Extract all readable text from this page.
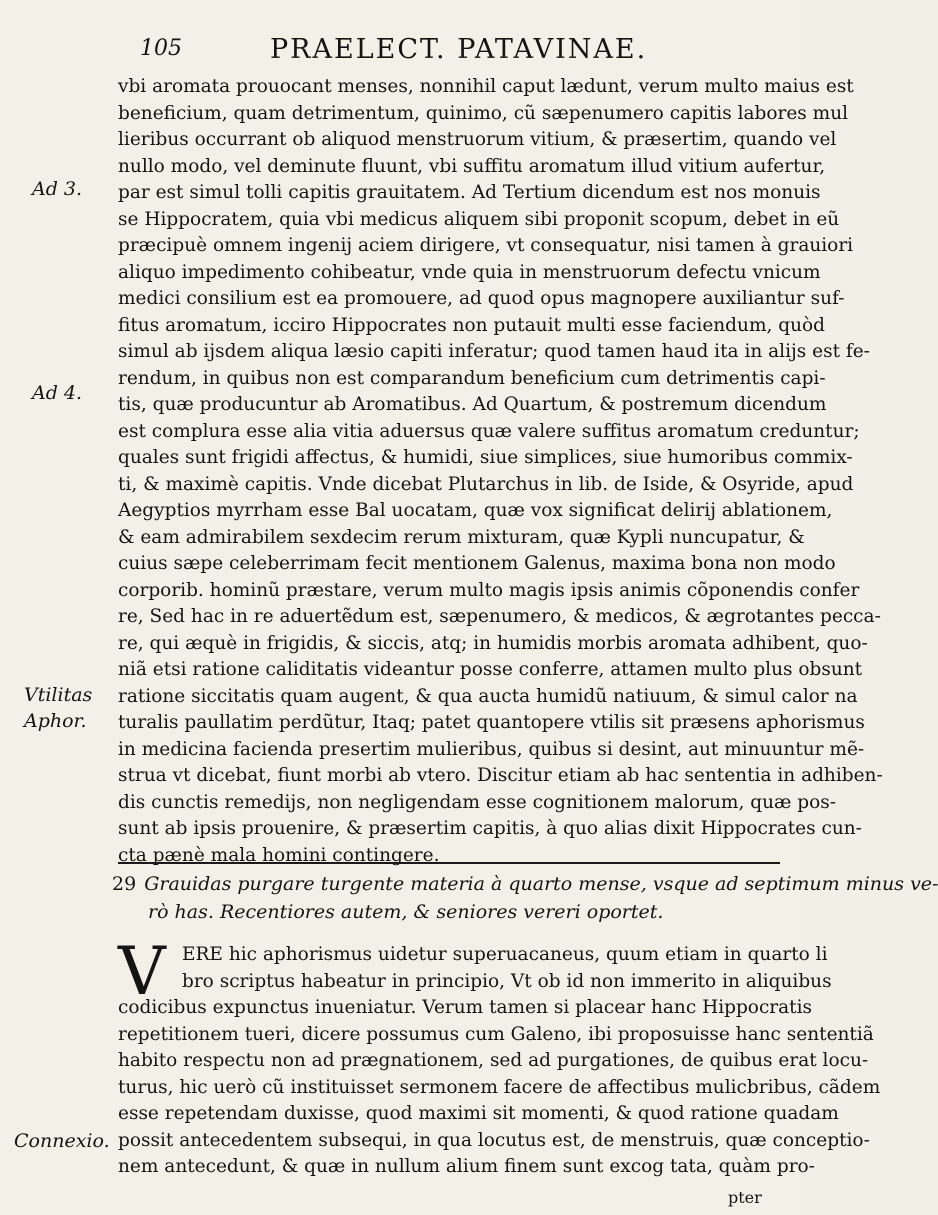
105	PRAELECT. PATAVINAE.
Ad 3.
Ad 4.
Vtilitas
Aphor.
Connexio.
vbi aromata prouocant menses, nonnihil caput lædunt, verum multo maius est
beneficium, quam detrimentum, quinimo, cũ sæpenumero capitis labores mul
lieribus occurrant ob aliquod menstruorum vitium, & præsertim, quando vel
nullo modo, vel deminute fluunt, vbi suffitu aromatum illud vitium aufertur,
par est simul tolli capitis grauitatem. Ad Tertium dicendum est nos monuis
se Hippocratem, quia vbi medicus aliquem sibi proponit scopum, debet in eũ
præcipuè omnem ingenij aciem dirigere, vt consequatur, nisi tamen à grauiori
aliquo impedimento cohibeatur, vnde quia in menstruorum defectu vnicum
medici consilium est ea promouere, ad quod opus magnopere auxiliantur suf-
fitus aromatum, icciro Hippocrates non putauit multi esse faciendum, quòd
simul ab ijsdem aliqua læsio capiti inferatur; quod tamen haud ita in alijs est fe-
rendum, in quibus non est comparandum beneficium cum detrimentis capi-
tis, quæ producuntur ab Aromatibus. Ad Quartum, & postremum dicendum
est complura esse alia vitia aduersus quæ valere suffitus aromatum creduntur;
quales sunt frigidi affectus, & humidi, siue simplices, siue humoribus commix-
ti, & maximè capitis. Vnde dicebat Plutarchus in lib. de Iside, & Osyride, apud
Aegyptios myrrham esse Bal uocatam, quæ vox significat delirij ablationem,
& eam admirabilem sexdecim rerum mixturam, quæ Kypli nuncupatur, &
cuius sæpe celeberrimam fecit mentionem Galenus, maxima bona non modo
corporib. hominũ præstare, verum multo magis ipsis animis cõponendis confer
re, Sed hac in re aduertẽdum est, sæpenumero, & medicos, & ægrotantes pecca-
re, qui æquè in frigidis, & siccis, atq; in humidis morbis aromata adhibent, quo-
niã etsi ratione caliditatis videantur posse conferre, attamen multo plus obsunt
ratione siccitatis quam augent, & qua aucta humidũ natiuum, & simul calor na
turalis paullatim perdũtur, Itaq; patet quantopere vtilis sit præsens aphorismus
in medicina facienda presertim mulieribus, quibus si desint, aut minuuntur mẽ-
strua vt dicebat, fiunt morbi ab vtero. Discitur etiam ab hac sententia in adhiben-
dis cunctis remedijs, non negligendam esse cognitionem malorum, quæ pos-
sunt ab ipsis prouenire, & præsertim capitis, à quo alias dixit Hippocrates cun-
cta pænè mala homini contingere.
29 Grauidas purgare turgente materia à quarto mense, vsque ad septimum minus ve-
rò has. Recentiores autem, & seniores vereri oportet.
V ERE hic aphorismus uidetur superuacaneus, quum etiam in quarto li
bro scriptus habeatur in principio, Vt ob id non immerito in aliquibus
codicibus expunctus inueniatur. Verum tamen si placear hanc Hippocratis
repetitionem tueri, dicere possumus cum Galeno, ibi proposuisse hanc sententiã
habito respectu non ad prægnationem, sed ad purgationes, de quibus erat locu-
turus, hic uerò cũ instituisset sermonem facere de affectibus mulicbribus, cãdem
esse repetendam duxisse, quod maximi sit momenti, & quod ratione quadam
possit antecedentem subsequi, in qua locutus est, de menstruis, quæ conceptio-
nem antecedunt, & quæ in nullum alium finem sunt excog tata, quàm pro-
pter
